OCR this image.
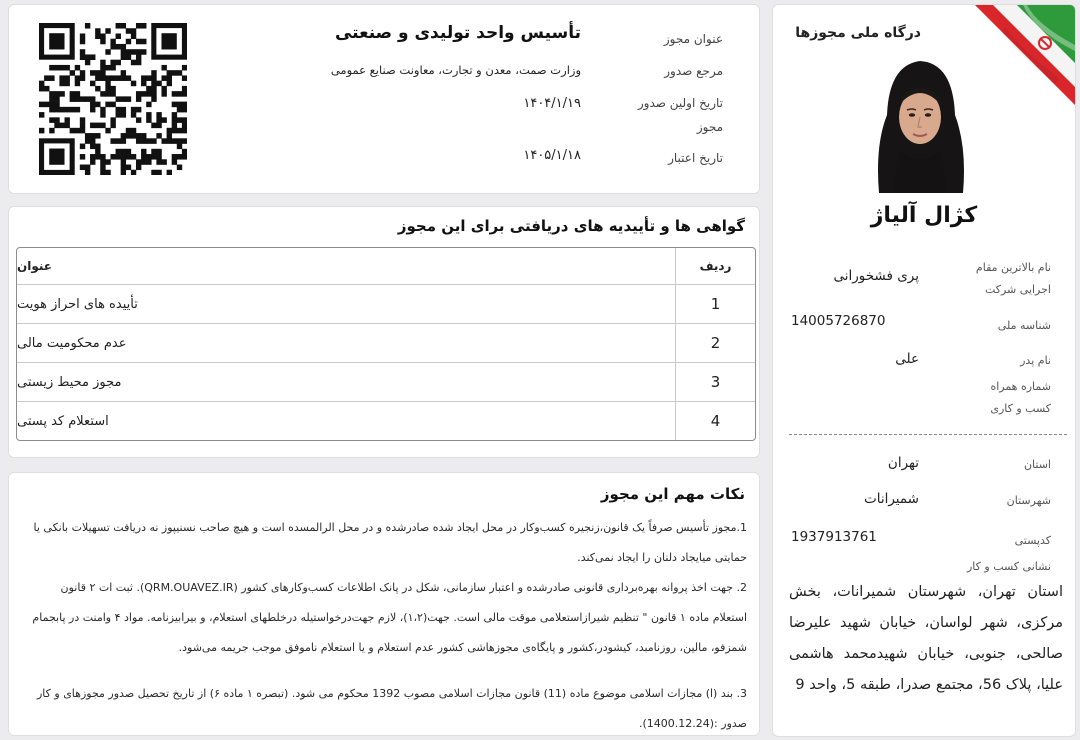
درگاه ملی مجوزها
کژال آلیاژ
نام بالاترین مقام اجرایی شرکت
پری فشخورانی
شناسه ملی
14005726870
نام پدر
علی
شماره همراه
کسب و کاری
استان
تهران
شهرستان
شمیرانات
کدپستی
1937913761
نشانی کسب و کار
استان تهران، شهرستان شمیرانات، بخش مرکزی، شهر لواسان، خیابان شهید علیرضا صالحی، جنوبی، خیابان شهیدمحمد هاشمی علیا، پلاک 56، مجتمع صدرا، طبقه 5، واحد 9
عنوان مجوز
تأسیس واحد تولیدی و صنعتی
مرجع صدور
وزارت صمت، معدن و تجارت، معاونت صنایع عمومی
تاریخ اولین صدور مجوز
۱۴۰۴/۱/۱۹
تاریخ اعتبار
۱۴۰۵/۱/۱۸
گواهی ها و تأییدیه های دریافتی برای این مجوز
ردیف
عنوان
1
تأییده های احراز هویت
2
عدم محکومیت مالی
3
مجوز محیط زیستی
4
استعلام کد پستی
نکات مهم این مجوز
1.مجوز تأسیس صرفاً یک قانون،زنجیره کسب‌وکار در محل ایجاد شده صادرشده و در محل الرالمسده است و هیچ صاحب نسنیپوز نه دریافت تسهیلات بانکی یا حمایتی میایجاد دلنان را ایجاد نمی‌کند.
2. جهت اخذ پروانه بهره‌برداری قانونی صادرشده و اعتبار سازمانی، شکل در پانک اطلاعات کسب‌وکارهای کشور (QRM.OUAVEZ.IR). ثبت ات ۲ قانون استعلام ماده ۱ قانون " تنظیم شیرازاستعلامی موقت مالی است. جهت(۱،۲)، لازم جهت‌درخواستیله درخلطهای استعلام، و بیرابیزنامه. مواد ۴ وامنت در پابجمام شمزفو، مالین، روزنامبد، کیشودر،کشور و پایگاه‌ی مجوزهاشی کشور عدم استعلام و یا استعلام ناموفق موجب جریمه می‌شود.
3. بند (ا) مجازات اسلامی موضوع ماده (11) قانون مجازات اسلامی مصوب 1392 محکوم می شود. (تبصره ۱ ماده ۶) از تاریخ تحصیل صدور مجوزهای و کار صدور :(1400.12.24).
